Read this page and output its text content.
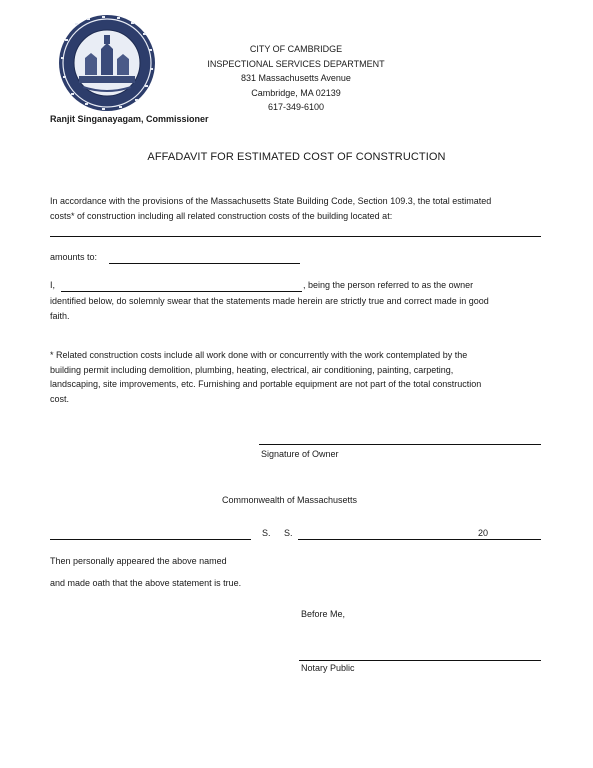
CITY OF CAMBRIDGE
INSPECTIONAL SERVICES DEPARTMENT
831 Massachusetts Avenue
Cambridge, MA 02139
617-349-6100
Ranjit Singanayagam, Commissioner
AFFADAVIT FOR ESTIMATED COST OF CONSTRUCTION
In accordance with the provisions of the Massachusetts State Building Code, Section 109.3, the total estimated
costs* of construction including all related construction costs of the building located at:
amounts to:
I,	, being the person referred to as the owner
identified below, do solemnly swear that the statements made herein are strictly true and correct made in good
faith.
* Related construction costs include all work done with or concurrently with the work contemplated by the
building permit including demolition, plumbing, heating, electrical, air conditioning, painting, carpeting,
landscaping, site improvements, etc. Furnishing and portable equipment are not part of the total construction
cost.
Signature of Owner
Commonwealth of Massachusetts
S. S.	20
Then personally appeared the above named
and made oath that the above statement is true.
Before Me,
Notary Public
